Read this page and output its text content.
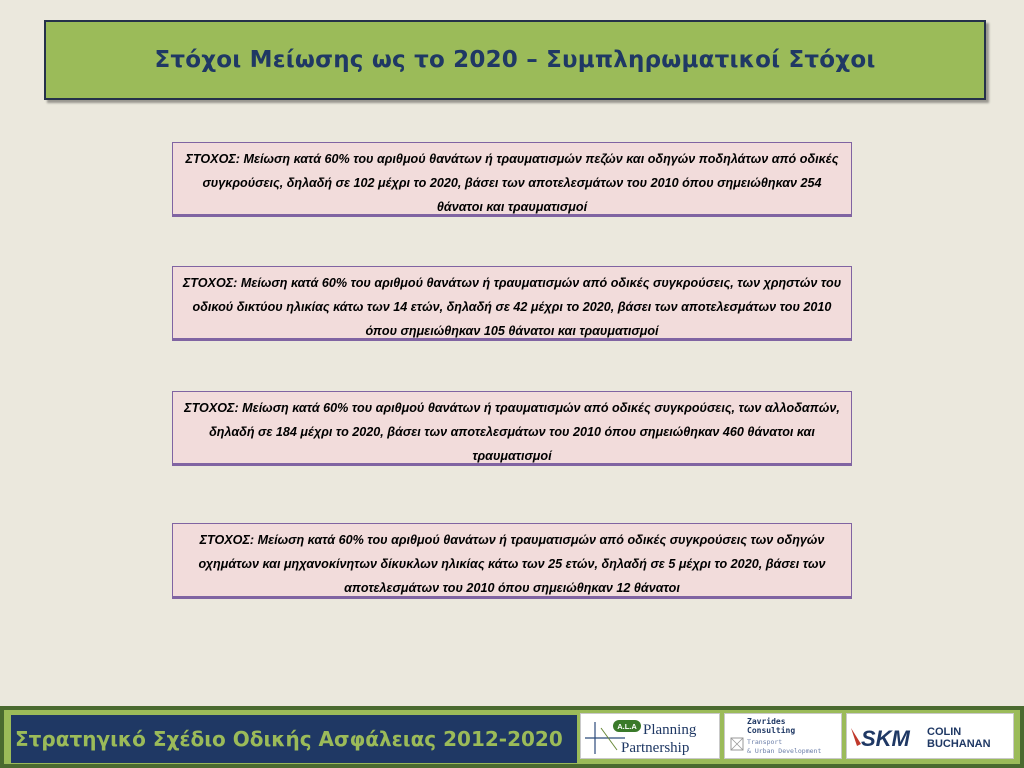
Στόχοι Μείωσης ως το 2020 – Συμπληρωματικοί Στόχοι
ΣΤΟΧΟΣ: Μείωση κατά 60% του αριθμού θανάτων ή τραυματισμών πεζών και οδηγών ποδηλάτων από οδικές συγκρούσεις, δηλαδή σε 102 μέχρι το 2020, βάσει των αποτελεσμάτων του 2010 όπου σημειώθηκαν 254 θάνατοι και τραυματισμοί
ΣΤΟΧΟΣ: Μείωση κατά 60% του αριθμού θανάτων ή τραυματισμών από οδικές συγκρούσεις, των χρηστών του οδικού δικτύου ηλικίας κάτω των 14 ετών, δηλαδή σε 42 μέχρι το 2020, βάσει των αποτελεσμάτων του 2010 όπου σημειώθηκαν 105 θάνατοι και τραυματισμοί
ΣΤΟΧΟΣ: Μείωση κατά 60% του αριθμού θανάτων ή τραυματισμών από οδικές συγκρούσεις, των αλλοδαπών, δηλαδή σε 184 μέχρι το 2020, βάσει των αποτελεσμάτων του 2010 όπου σημειώθηκαν 460 θάνατοι και τραυματισμοί
ΣΤΟΧΟΣ: Μείωση κατά 60% του αριθμού θανάτων ή τραυματισμών από οδικές συγκρούσεις των οδηγών οχημάτων και μηχανοκίνητων δίκυκλων ηλικίας κάτω των 25 ετών, δηλαδή σε 5 μέχρι το 2020, βάσει των αποτελεσμάτων του 2010 όπου σημειώθηκαν 12 θάνατοι
Στρατηγικό Σχέδιο Οδικής Ασφάλειας 2012-2020
A.L.A Planning
Partnership
Zavrides
Consulting
Transport
& Urban Development SKM COLIN
BUCHANAN
